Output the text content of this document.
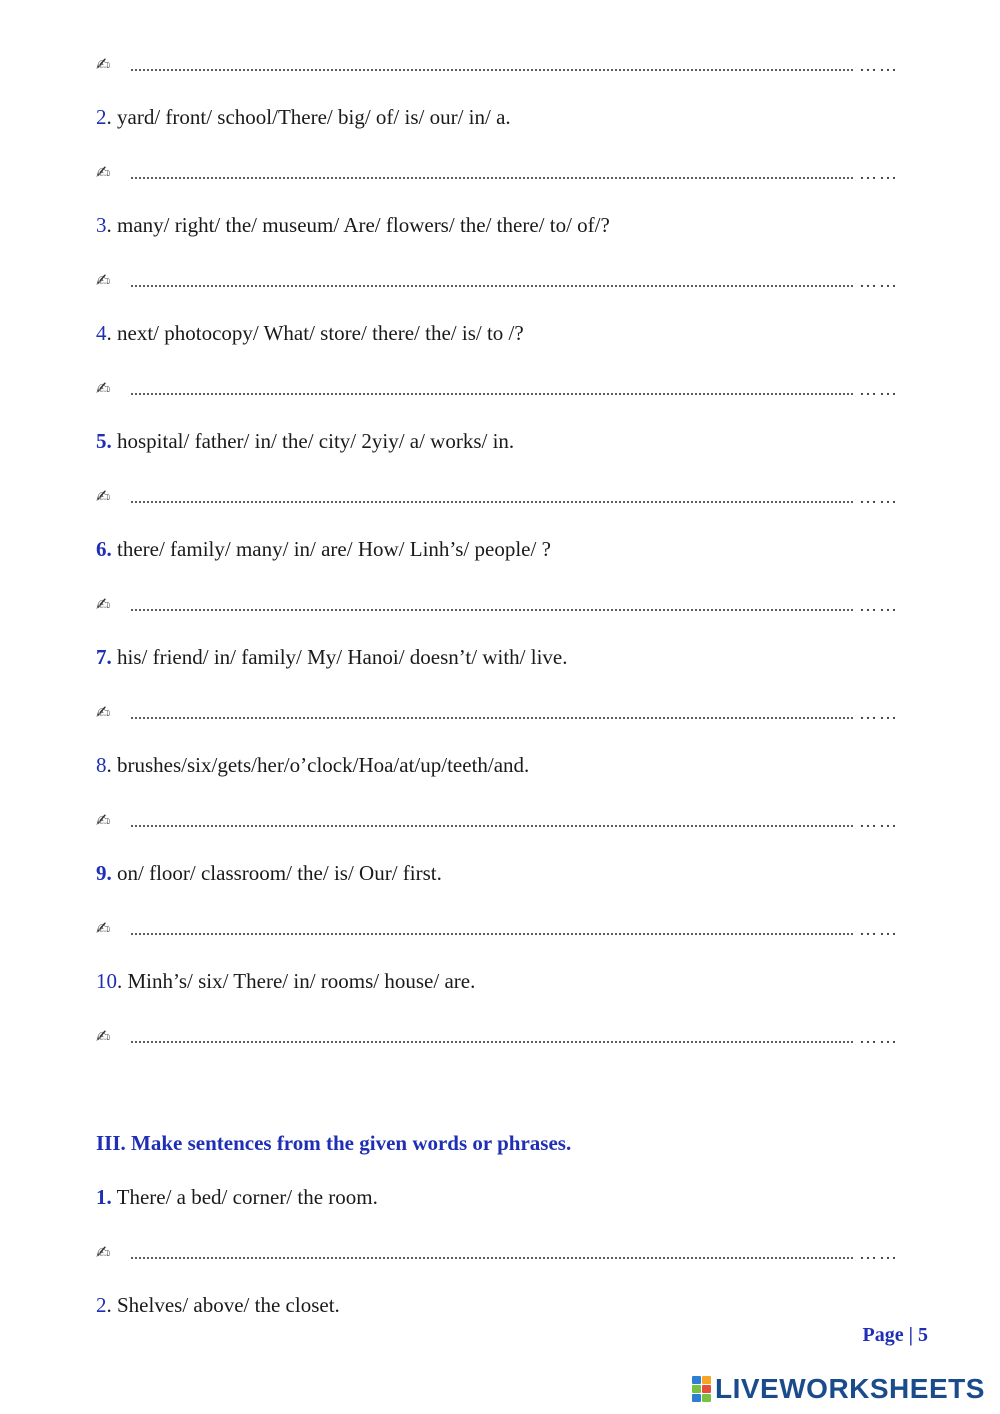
✍	……
2. yard/ front/ school/There/ big/ of/ is/ our/ in/ a.
✍	……
3. many/ right/ the/ museum/ Are/ flowers/ the/ there/ to/ of/?
✍	……
4. next/ photocopy/ What/ store/ there/ the/ is/ to /?
✍	……
5. hospital/ father/ in/ the/ city/ 2yiy/ a/ works/ in.
✍	……
6. there/ family/ many/ in/ are/ How/ Linh’s/ people/ ?
✍	……
7. his/ friend/ in/ family/ My/ Hanoi/ doesn’t/ with/ live.
✍	……
8. brushes/six/gets/her/o’clock/Hoa/at/up/teeth/and.
✍	……
9. on/ floor/ classroom/ the/ is/ Our/ first.
✍	……
10. Minh’s/ six/ There/ in/ rooms/ house/ are.
✍	……
III. Make sentences from the given words or phrases.
1. There/ a bed/ corner/ the room.
✍	……
2. Shelves/ above/ the closet.
Page | 5
LIVEWORKSHEETS
